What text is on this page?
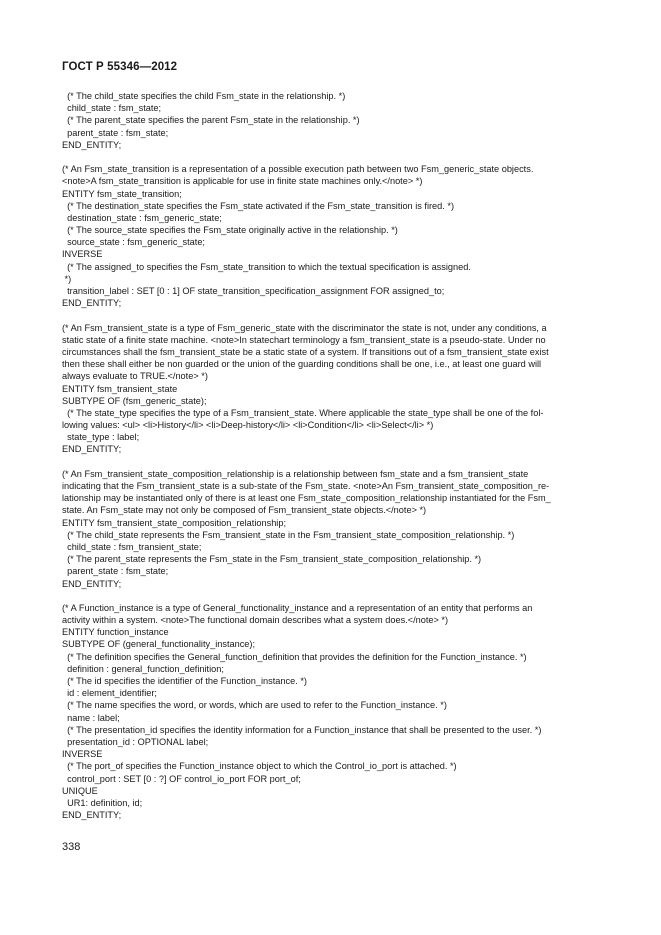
ГОСТ Р 55346—2012
(* The child_state specifies the child Fsm_state in the relationship. *)
child_state : fsm_state;
(* The parent_state specifies the parent Fsm_state in the relationship. *)
parent_state : fsm_state;
END_ENTITY;
(* An Fsm_state_transition is a representation of a possible execution path between two Fsm_generic_state objects.
<note>A fsm_state_transition is applicable for use in finite state machines only.</note> *)
ENTITY fsm_state_transition;
(* The destination_state specifies the Fsm_state activated if the Fsm_state_transition is fired. *)
destination_state : fsm_generic_state;
(* The source_state specifies the Fsm_state originally active in the relationship. *)
source_state : fsm_generic_state;
INVERSE
(* The assigned_to specifies the Fsm_state_transition to which the textual specification is assigned.
*)
transition_label : SET [0 : 1] OF state_transition_specification_assignment FOR assigned_to;
END_ENTITY;
(* An Fsm_transient_state is a type of Fsm_generic_state with the discriminator the state is not, under any conditions, a
static state of a finite state machine. <note>In statechart terminology a fsm_transient_state is a pseudo-state. Under no
circumstances shall the fsm_transient_state be a static state of a system. If transitions out of a fsm_transient_state exist
then these shall either be non guarded or the union of the guarding conditions shall be one, i.e., at least one guard will
always evaluate to TRUE.</note> *)
ENTITY fsm_transient_state
SUBTYPE OF (fsm_generic_state);
(* The state_type specifies the type of a Fsm_transient_state. Where applicable the state_type shall be one of the fol-
lowing values: <ul> <li>History</li> <li>Deep-history</li> <li>Condition</li> <li>Select</li> *)
state_type : label;
END_ENTITY;
(* An Fsm_transient_state_composition_relationship is a relationship between fsm_state and a fsm_transient_state
indicating that the Fsm_transient_state is a sub-state of the Fsm_state. <note>An Fsm_transient_state_composition_re-
lationship may be instantiated only of there is at least one Fsm_state_composition_relationship instantiated for the Fsm_
state. An Fsm_state may not only be composed of Fsm_transient_state objects.</note> *)
ENTITY fsm_transient_state_composition_relationship;
(* The child_state represents the Fsm_transient_state in the Fsm_transient_state_composition_relationship. *)
child_state : fsm_transient_state;
(* The parent_state represents the Fsm_state in the Fsm_transient_state_composition_relationship. *)
parent_state : fsm_state;
END_ENTITY;
(* A Function_instance is a type of General_functionality_instance and a representation of an entity that performs an
activity within a system. <note>The functional domain describes what a system does.</note> *)
ENTITY function_instance
SUBTYPE OF (general_functionality_instance);
(* The definition specifies the General_function_definition that provides the definition for the Function_instance. *)
definition : general_function_definition;
(* The id specifies the identifier of the Function_instance. *)
id : element_identifier;
(* The name specifies the word, or words, which are used to refer to the Function_instance. *)
name : label;
(* The presentation_id specifies the identity information for a Function_instance that shall be presented to the user. *)
presentation_id : OPTIONAL label;
INVERSE
(* The port_of specifies the Function_instance object to which the Control_io_port is attached. *)
control_port : SET [0 : ?] OF control_io_port FOR port_of;
UNIQUE
UR1: definition, id;
END_ENTITY;
338
